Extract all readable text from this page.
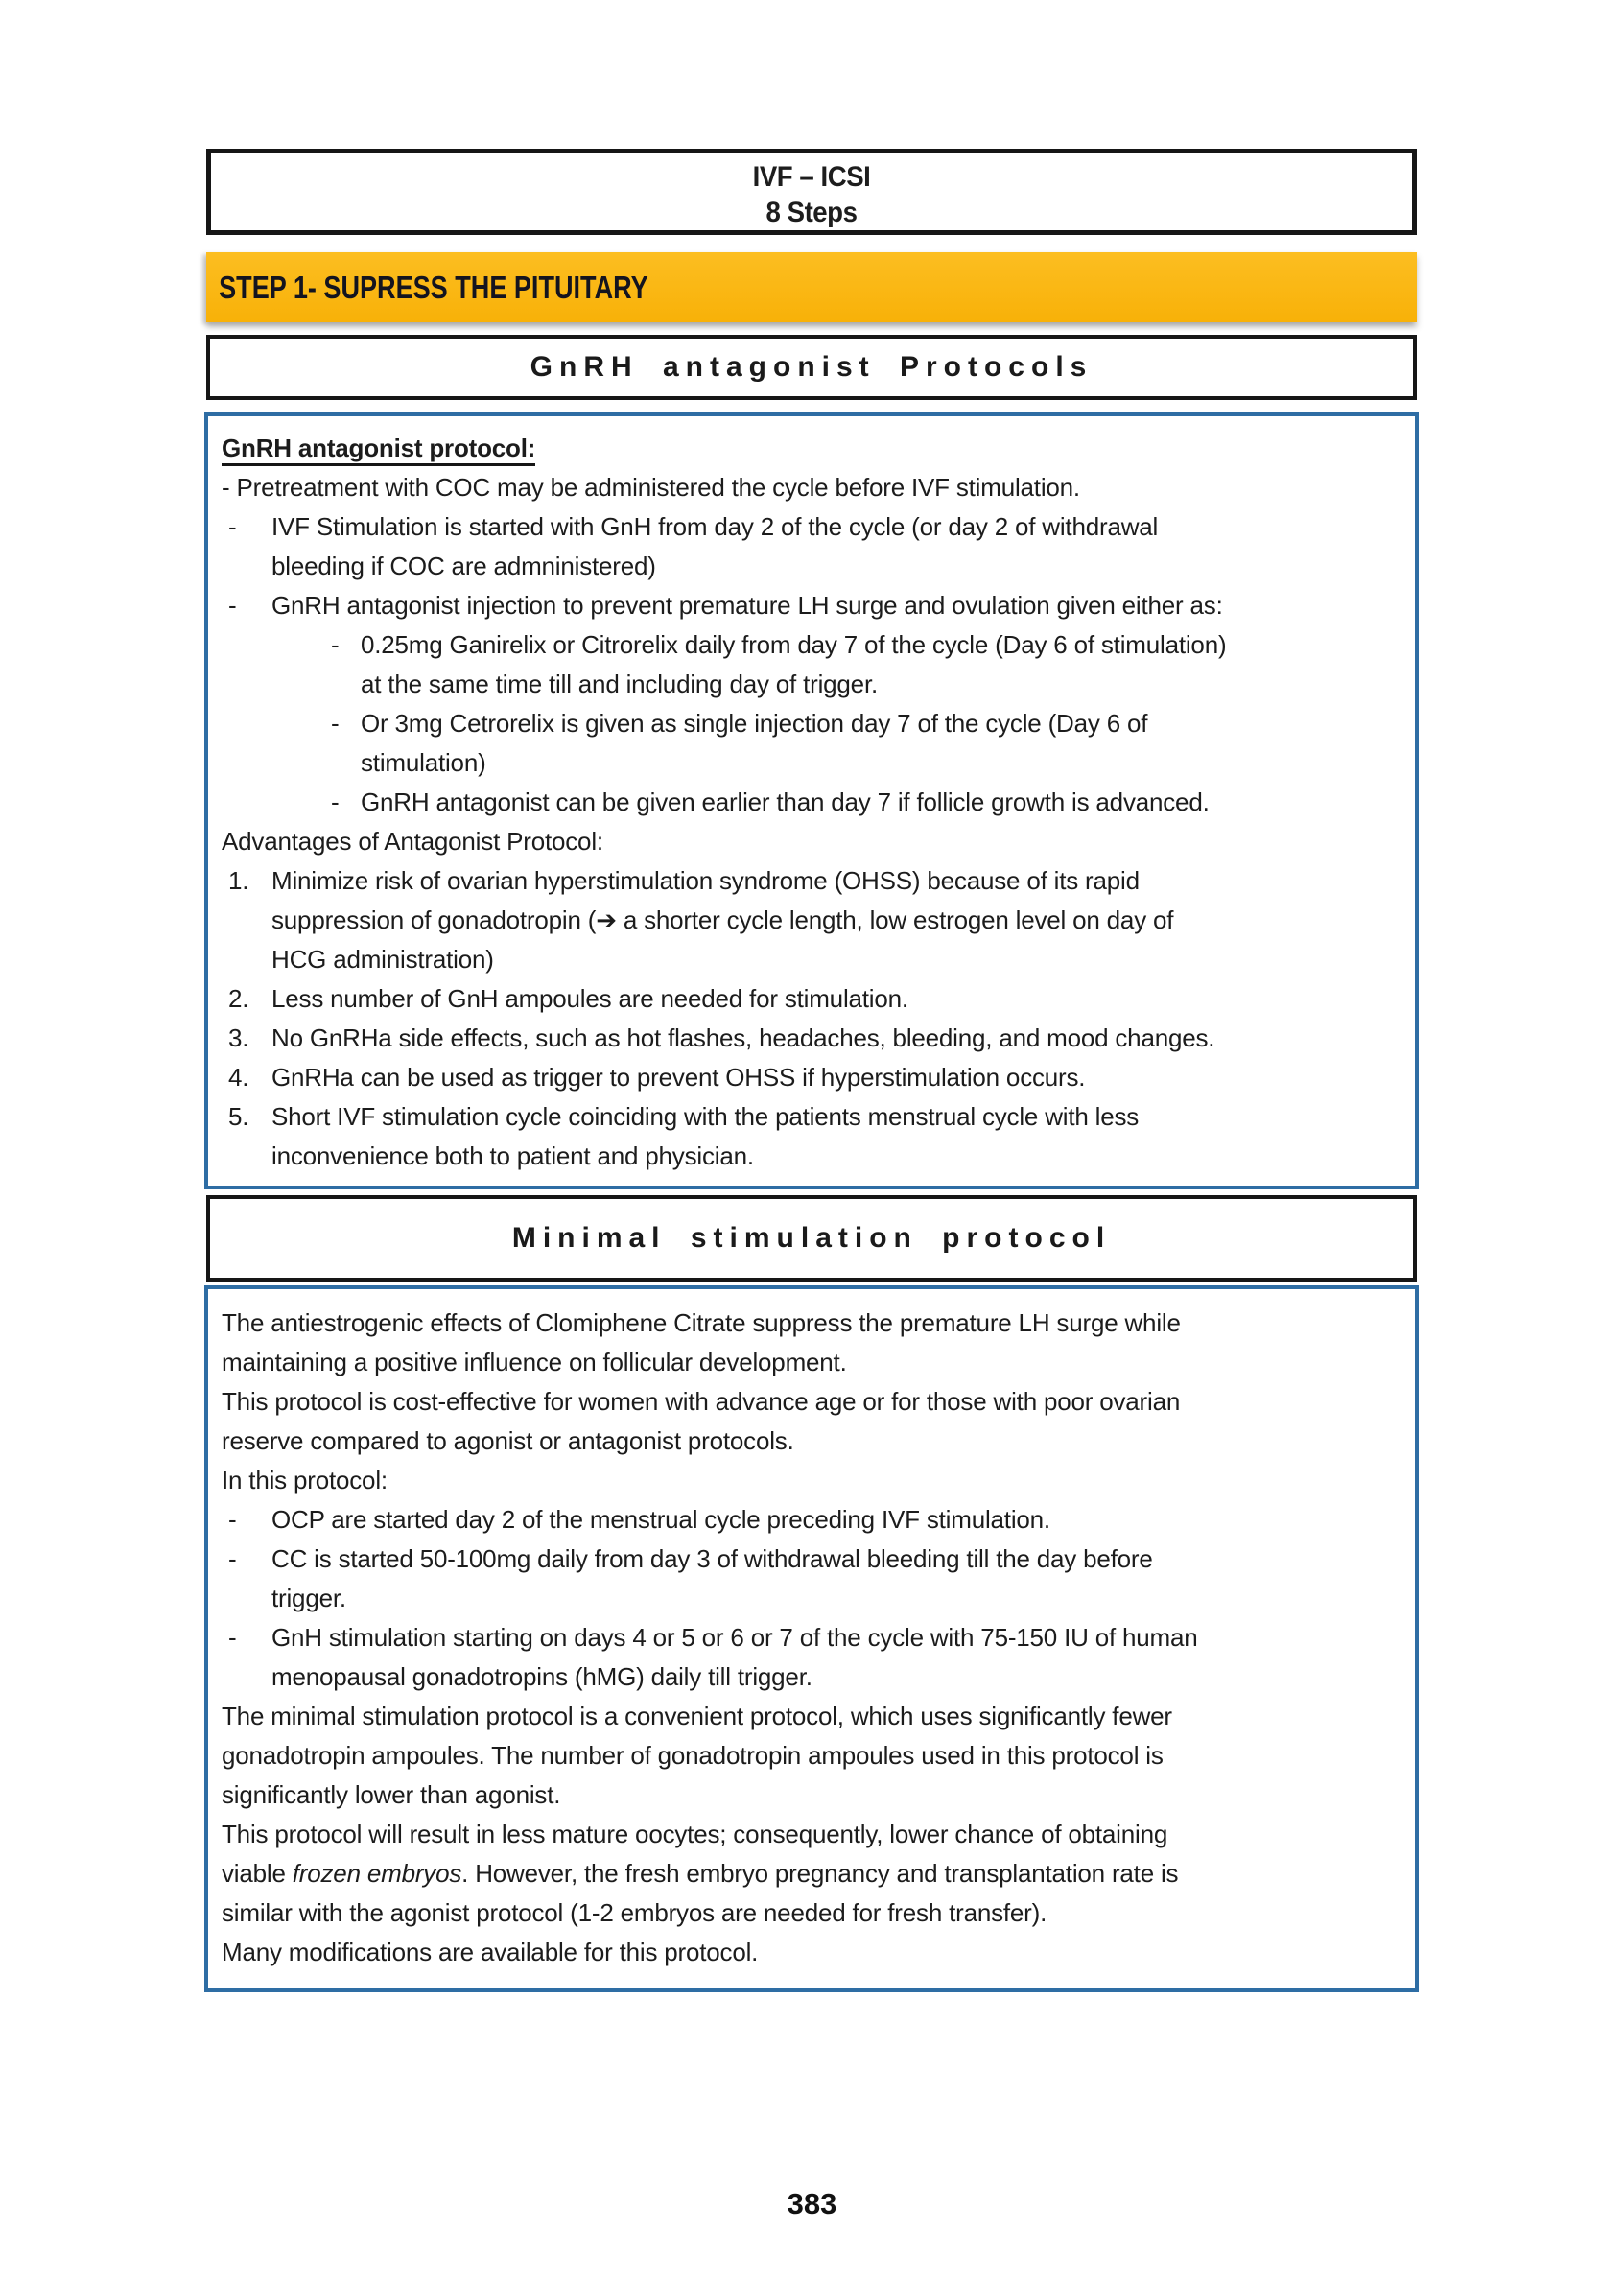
IVF – ICSI
8 Steps
STEP 1- SUPRESS THE PITUITARY
GnRH antagonist Protocols
GnRH antagonist protocol:
- Pretreatment with COC may be administered the cycle before IVF stimulation.
- IVF Stimulation is started with GnH from day 2 of the cycle (or day 2 of withdrawal
bleeding if COC are admninistered)
- GnRH antagonist injection to prevent premature LH surge and ovulation given either as:
- 0.25mg Ganirelix or Citrorelix daily from day 7 of the cycle (Day 6 of stimulation)
at the same time till and including day of trigger.
- Or 3mg Cetrorelix is given as single injection day 7 of the cycle (Day 6 of
stimulation)
- GnRH antagonist can be given earlier than day 7 if follicle growth is advanced.
Advantages of Antagonist Protocol:
1. Minimize risk of ovarian hyperstimulation syndrome (OHSS) because of its rapid
suppression of gonadotropin (➔ a shorter cycle length, low estrogen level on day of
HCG administration)
2. Less number of GnH ampoules are needed for stimulation.
3. No GnRHa side effects, such as hot flashes, headaches, bleeding, and mood changes.
4. GnRHa can be used as trigger to prevent OHSS if hyperstimulation occurs.
5. Short IVF stimulation cycle coinciding with the patients menstrual cycle with less
inconvenience both to patient and physician.
Minimal stimulation protocol
The antiestrogenic effects of Clomiphene Citrate suppress the premature LH surge while
maintaining a positive influence on follicular development.
This protocol is cost-effective for women with advance age or for those with poor ovarian
reserve compared to agonist or antagonist protocols.
In this protocol:
- OCP are started day 2 of the menstrual cycle preceding IVF stimulation.
- CC is started 50-100mg daily from day 3 of withdrawal bleeding till the day before
trigger.
- GnH stimulation starting on days 4 or 5 or 6 or 7 of the cycle with 75-150 IU of human
menopausal gonadotropins (hMG) daily till trigger.
The minimal stimulation protocol is a convenient protocol, which uses significantly fewer
gonadotropin ampoules. The number of gonadotropin ampoules used in this protocol is
significantly lower than agonist.
This protocol will result in less mature oocytes; consequently, lower chance of obtaining
viable frozen embryos. However, the fresh embryo pregnancy and transplantation rate is
similar with the agonist protocol (1-2 embryos are needed for fresh transfer).
Many modifications are available for this protocol.
383
